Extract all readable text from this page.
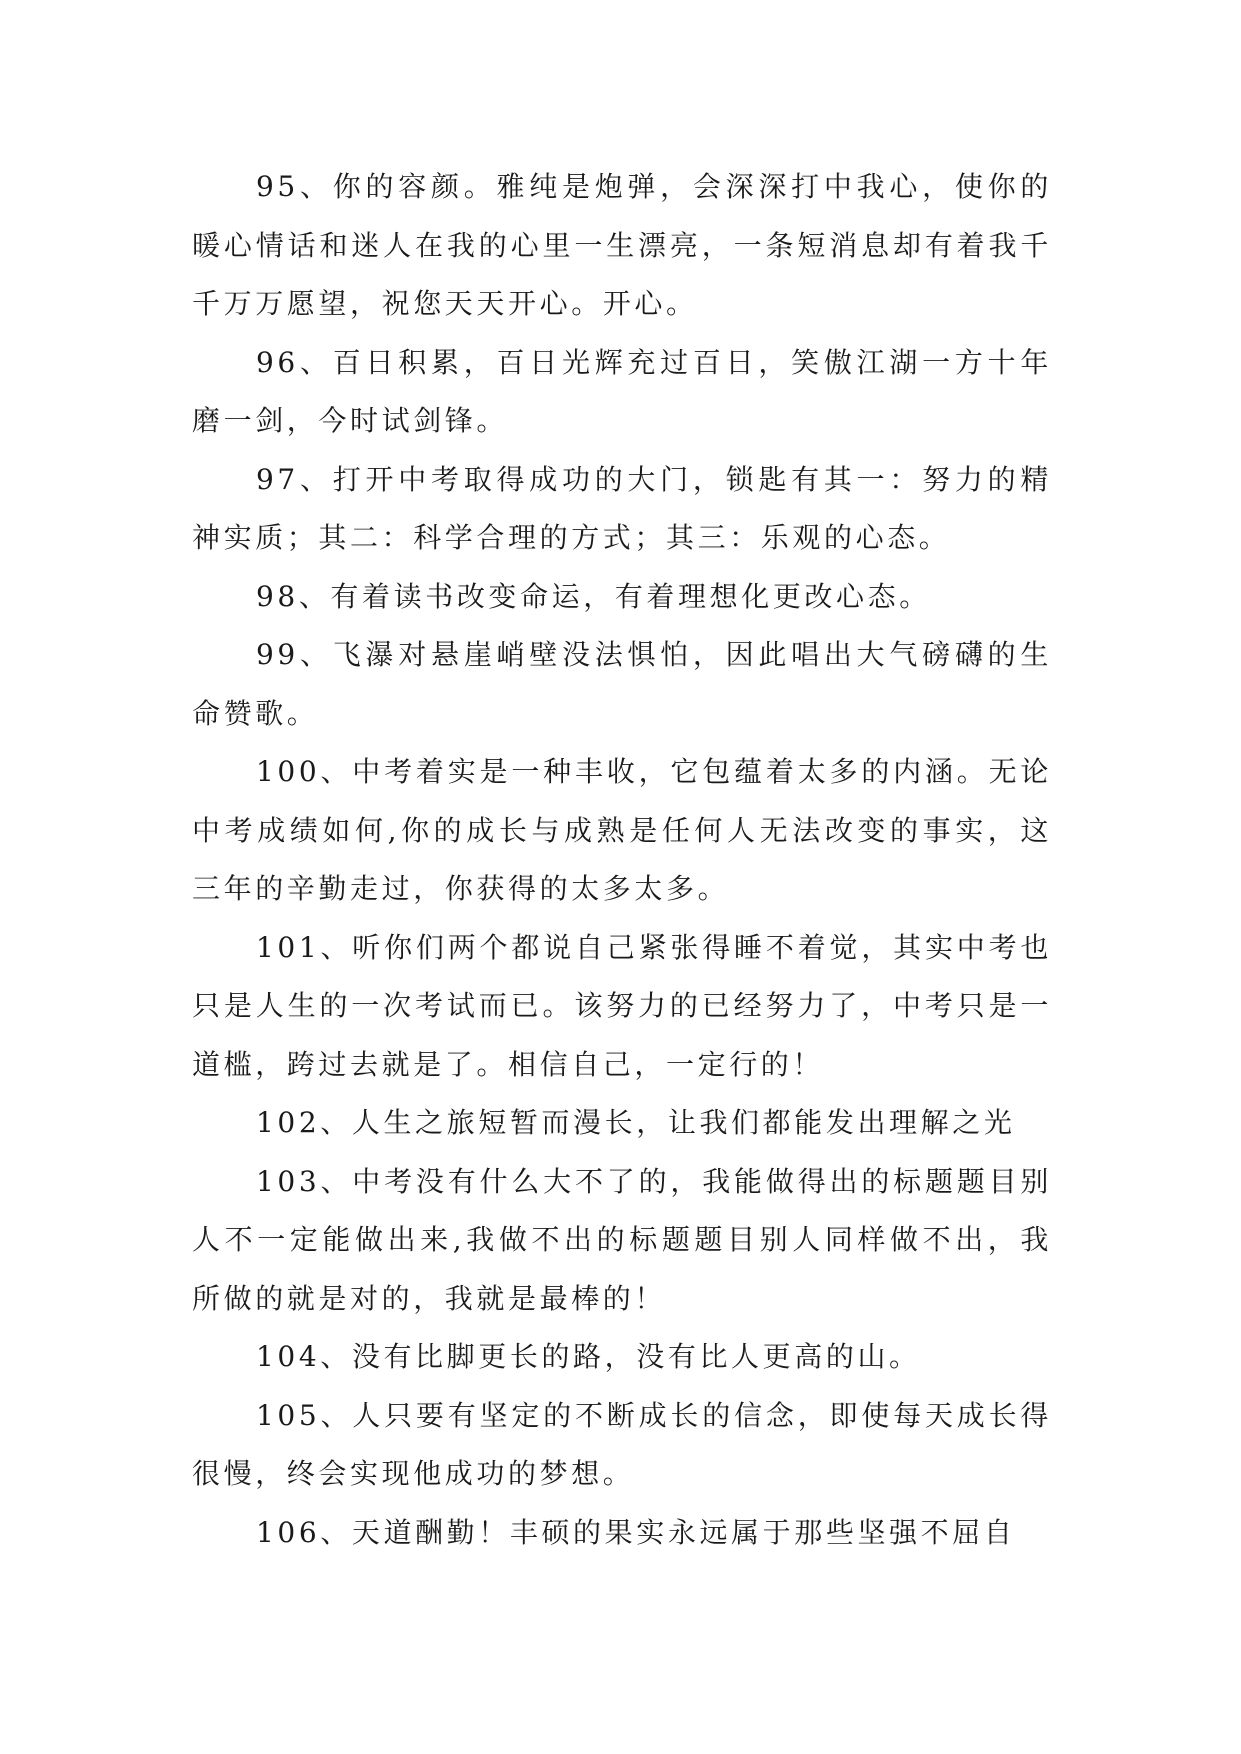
95、你的容颜。雅纯是炮弹，会深深打中我心，使你的暖心情话和迷人在我的心里一生漂亮，一条短消息却有着我千千万万愿望，祝您天天开心。开心。

96、百日积累，百日光辉充过百日，笑傲江湖一方十年磨一剑，今时试剑锋。

97、打开中考取得成功的大门，锁匙有其一：努力的精神实质；其二：科学合理的方式；其三：乐观的心态。

98、有着读书改变命运，有着理想化更改心态。

99、飞瀑对悬崖峭壁没法惧怕，因此唱出大气磅礴的生命赞歌。

100、中考着实是一种丰收，它包蕴着太多的内涵。无论中考成绩如何,你的成长与成熟是任何人无法改变的事实，这三年的辛勤走过，你获得的太多太多。

101、听你们两个都说自己紧张得睡不着觉，其实中考也只是人生的一次考试而已。该努力的已经努力了，中考只是一道槛，跨过去就是了。相信自己，一定行的！

102、人生之旅短暂而漫长，让我们都能发出理解之光

103、中考没有什么大不了的，我能做得出的标题题目别人不一定能做出来,我做不出的标题题目别人同样做不出，我所做的就是对的，我就是最棒的！

104、没有比脚更长的路，没有比人更高的山。

105、人只要有坚定的不断成长的信念，即使每天成长得很慢，终会实现他成功的梦想。

106、天道酬勤！丰硕的果实永远属于那些坚强不屈自
